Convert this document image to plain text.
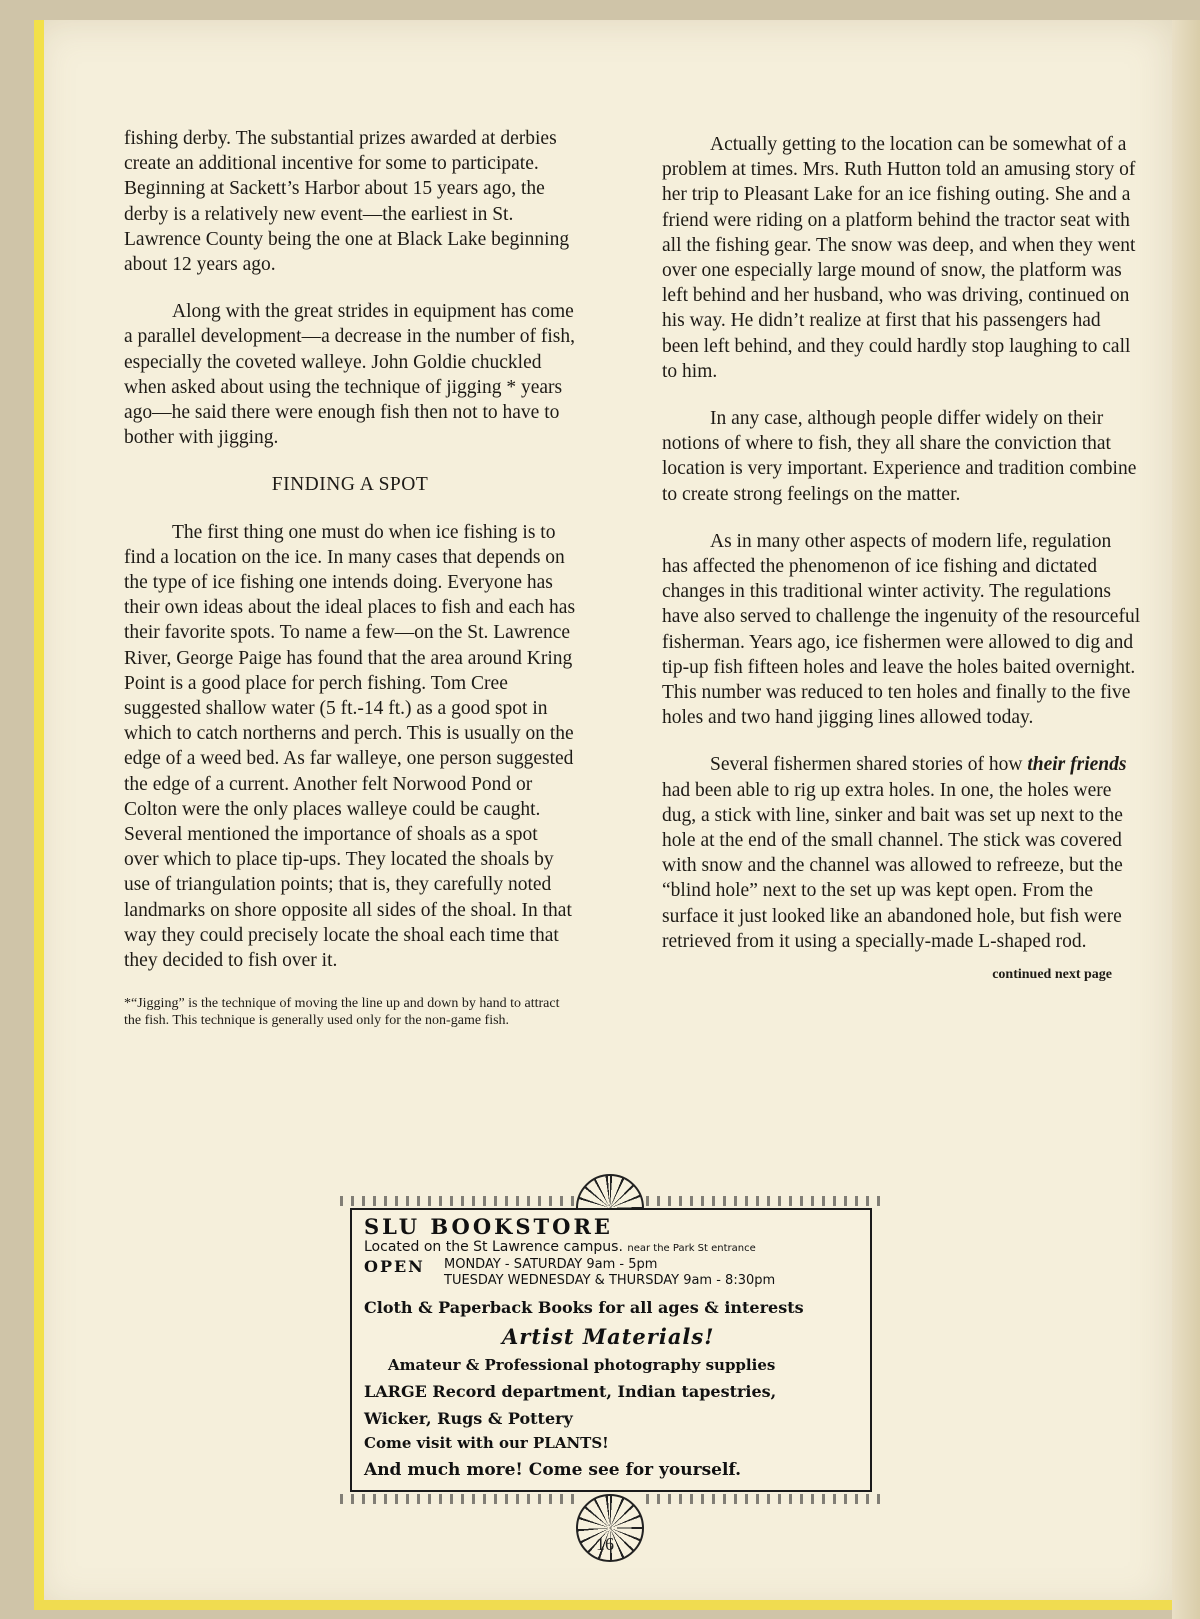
fishing derby. The substantial prizes awarded at derbies create an additional incentive for some to participate. Beginning at Sackett’s Harbor about 15 years ago, the derby is a relatively new event—the earliest in St. Lawrence County being the one at Black Lake beginning about 12 years ago.

Along with the great strides in equipment has come a parallel development—a decrease in the number of fish, especially the coveted walleye. John Goldie chuckled when asked about using the technique of jigging * years ago—he said there were enough fish then not to have to bother with jigging.

FINDING A SPOT

The first thing one must do when ice fishing is to find a location on the ice. In many cases that depends on the type of ice fishing one intends doing. Everyone has their own ideas about the ideal places to fish and each has their favorite spots. To name a few—on the St. Lawrence River, George Paige has found that the area around Kring Point is a good place for perch fishing. Tom Cree suggested shallow water (5 ft.-14 ft.) as a good spot in which to catch northerns and perch. This is usually on the edge of a weed bed. As far walleye, one person suggested the edge of a current. Another felt Norwood Pond or Colton were the only places walleye could be caught. Several mentioned the importance of shoals as a spot over which to place tip-ups. They located the shoals by use of triangulation points; that is, they carefully noted landmarks on shore opposite all sides of the shoal. In that way they could precisely locate the shoal each time that they decided to fish over it.

*“Jigging” is the technique of moving the line up and down by hand to attract the fish. This technique is generally used only for the non-game fish.

Actually getting to the location can be somewhat of a problem at times. Mrs. Ruth Hutton told an amusing story of her trip to Pleasant Lake for an ice fishing outing. She and a friend were riding on a platform behind the tractor seat with all the fishing gear. The snow was deep, and when they went over one especially large mound of snow, the platform was left behind and her husband, who was driving, continued on his way. He didn’t realize at first that his passengers had been left behind, and they could hardly stop laughing to call to him.

In any case, although people differ widely on their notions of where to fish, they all share the conviction that location is very important. Experience and tradition combine to create strong feelings on the matter.

As in many other aspects of modern life, regulation has affected the phenomenon of ice fishing and dictated changes in this traditional winter activity. The regulations have also served to challenge the ingenuity of the resourceful fisherman. Years ago, ice fishermen were allowed to dig and tip-up fish fifteen holes and leave the holes baited overnight. This number was reduced to ten holes and finally to the five holes and two hand jigging lines allowed today.

Several fishermen shared stories of how their friends had been able to rig up extra holes. In one, the holes were dug, a stick with line, sinker and bait was set up next to the hole at the end of the small channel. The stick was covered with snow and the channel was allowed to refreeze, but the “blind hole” next to the set up was kept open. From the surface it just looked like an abandoned hole, but fish were retrieved from it using a specially-made L-shaped rod.

continued next page

SLU BOOKSTORE
Located on the St Lawrence campus. near the Park St entrance
OPEN MONDAY - SATURDAY 9am - 5pm
TUESDAY WEDNESDAY & THURSDAY 9am - 8:30pm
Cloth & Paperback Books for all ages & interests
Artist Materials!
Amateur & Professional photography supplies
LARGE Record department, Indian tapestries,
Wicker, Rugs & Pottery
Come visit with our PLANTS!
And much more! Come see for yourself.
16
